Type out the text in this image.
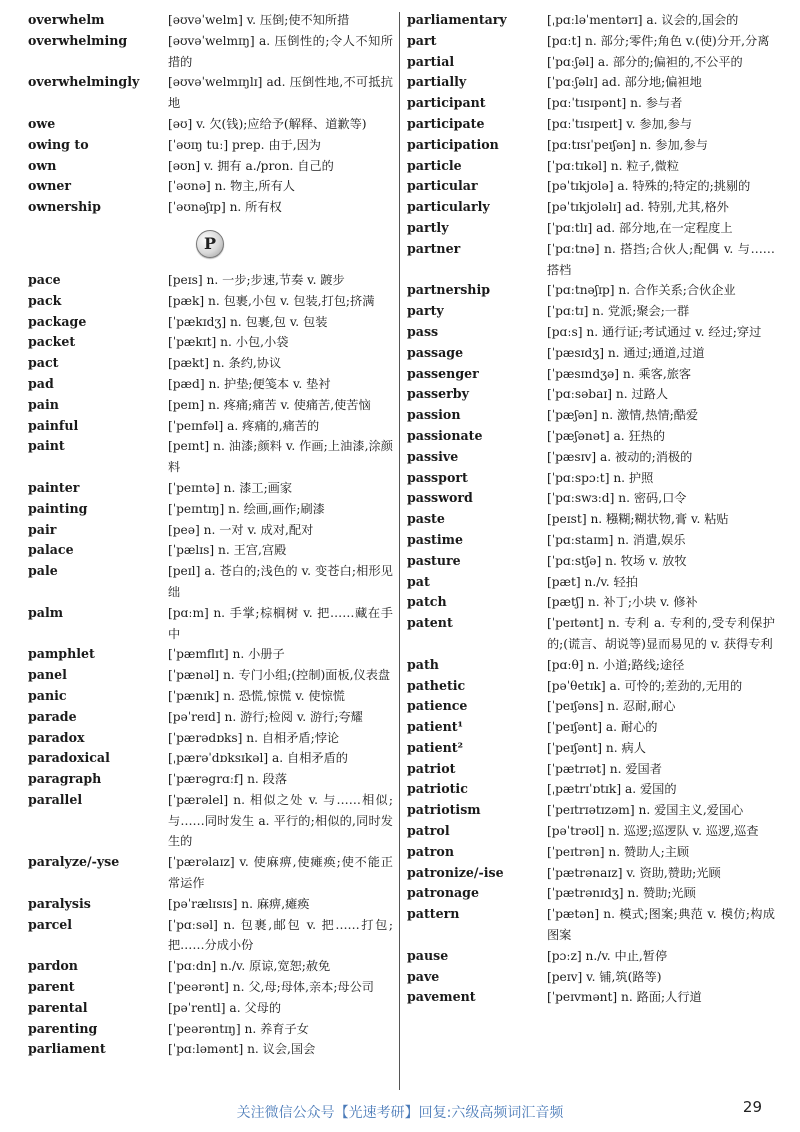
overwhelm	[əʊvəˈwelm] v. 压倒;使不知所措
overwhelming	[əʊvəˈwelmɪŋ] a. 压倒性的;令人不知所措的
overwhelmingly	[əʊvəˈwelmɪŋlɪ] ad. 压倒性地,不可抵抗地
owe	[əʊ] v. 欠(钱);应给予(解释、道歉等)
owing to	[ˈəʊɪŋ tuː] prep. 由于,因为
own	[əʊn] v. 拥有 a./pron. 自己的
owner	[ˈəʊnə] n. 物主,所有人
ownership	[ˈəʊnəʃɪp] n. 所有权
P
pace	[peɪs] n. 一步;步速,节奏 v. 踱步
pack	[pæk] n. 包裹,小包 v. 包装,打包;挤满
package	[ˈpækɪdʒ] n. 包裹,包 v. 包装
packet	[ˈpækɪt] n. 小包,小袋
pact	[pækt] n. 条约,协议
pad	[pæd] n. 护垫;便笺本 v. 垫衬
pain	[peɪn] n. 疼痛;痛苦 v. 使痛苦,使苦恼
painful	[ˈpeɪnfəl] a. 疼痛的,痛苦的
paint	[peɪnt] n. 油漆;颜料 v. 作画;上油漆,涂颜料
painter	[ˈpeɪntə] n. 漆工;画家
painting	[ˈpeɪntɪŋ] n. 绘画,画作;刷漆
pair	[peə] n. 一对 v. 成对,配对
palace	[ˈpælɪs] n. 王宫,宫殿
pale	[peɪl] a. 苍白的;浅色的 v. 变苍白;相形见绌
palm	[pɑːm] n. 手掌;棕榈树 v. 把……藏在手中
pamphlet	[ˈpæmflɪt] n. 小册子
panel	[ˈpænəl] n. 专门小组;(控制)面板,仪表盘
panic	[ˈpænɪk] n. 恐慌,惊慌 v. 使惊慌
parade	[pəˈreɪd] n. 游行;检阅 v. 游行;夸耀
paradox	[ˈpærədɒks] n. 自相矛盾;悖论
paradoxical	[ˌpærəˈdɒksɪkəl] a. 自相矛盾的
paragraph	[ˈpærəgrɑːf] n. 段落
parallel	[ˈpærəlel] n. 相似之处 v. 与……相似;与……同时发生 a. 平行的;相似的,同时发生的
paralyze/-yse	[ˈpærəlaɪz] v. 使麻痹,使瘫痪;使不能正常运作
paralysis	[pəˈrælɪsɪs] n. 麻痹,瘫痪
parcel	[ˈpɑːsəl] n. 包裹,邮包 v. 把……打包;把……分成小份
pardon	[ˈpɑːdn] n./v. 原谅,宽恕;赦免
parent	[ˈpeərənt] n. 父,母;母体,亲本;母公司
parental	[pəˈrentl] a. 父母的
parenting	[ˈpeərəntɪŋ] n. 养育子女
parliament	[ˈpɑːləmənt] n. 议会,国会
parliamentary	[ˌpɑːləˈmentərɪ] a. 议会的,国会的
part	[pɑːt] n. 部分;零件;角色 v.(使)分开,分离
partial	[ˈpɑːʃəl] a. 部分的;偏袒的,不公平的
partially	[ˈpɑːʃəlɪ] ad. 部分地;偏袒地
participant	[pɑːˈtɪsɪpənt] n. 参与者
participate	[pɑːˈtɪsɪpeɪt] v. 参加,参与
participation	[pɑːtɪsɪˈpeɪʃən] n. 参加,参与
particle	[ˈpɑːtɪkəl] n. 粒子,微粒
particular	[pəˈtɪkjʊlə] a. 特殊的;特定的;挑剔的
particularly	[pəˈtɪkjʊləlɪ] ad. 特别,尤其,格外
partly	[ˈpɑːtlɪ] ad. 部分地,在一定程度上
partner	[ˈpɑːtnə] n. 搭挡;合伙人;配偶 v. 与……搭档
partnership	[ˈpɑːtnəʃɪp] n. 合作关系;合伙企业
party	[ˈpɑːtɪ] n. 党派;聚会;一群
pass	[pɑːs] n. 通行证;考试通过 v. 经过;穿过
passage	[ˈpæsɪdʒ] n. 通过;通道,过道
passenger	[ˈpæsɪndʒə] n. 乘客,旅客
passerby	[ˈpɑːsəbaɪ] n. 过路人
passion	[ˈpæʃən] n. 激情,热情;酷爱
passionate	[ˈpæʃənət] a. 狂热的
passive	[ˈpæsɪv] a. 被动的;消极的
passport	[ˈpɑːspɔːt] n. 护照
password	[ˈpɑːswɜːd] n. 密码,口令
paste	[peɪst] n. 糨糊;糊状物,膏 v. 粘贴
pastime	[ˈpɑːstaɪm] n. 消遣,娱乐
pasture	[ˈpɑːstʃə] n. 牧场 v. 放牧
pat	[pæt] n./v. 轻拍
patch	[pætʃ] n. 补丁;小块 v. 修补
patent	[ˈpeɪtənt] n. 专利 a. 专利的,受专利保护的;(谎言、胡说等)显而易见的 v. 获得专利
path	[pɑːθ] n. 小道;路线;途径
pathetic	[pəˈθetɪk] a. 可怜的;差劲的,无用的
patience	[ˈpeɪʃəns] n. 忍耐,耐心
patient¹	[ˈpeɪʃənt] a. 耐心的
patient²	[ˈpeɪʃənt] n. 病人
patriot	[ˈpætrɪət] n. 爱国者
patriotic	[ˌpætrɪˈɒtɪk] a. 爱国的
patriotism	[ˈpeɪtrɪətɪzəm] n. 爱国主义,爱国心
patrol	[pəˈtrəʊl] n. 巡逻;巡逻队 v. 巡逻,巡查
patron	[ˈpeɪtrən] n. 赞助人;主顾
patronize/-ise	[ˈpætrənaɪz] v. 资助,赞助;光顾
patronage	[ˈpætrənɪdʒ] n. 赞助;光顾
pattern	[ˈpætən] n. 模式;图案;典范 v. 模仿;构成图案
pause	[pɔːz] n./v. 中止,暂停
pave	[peɪv] v. 铺,筑(路等)
pavement	[ˈpeɪvmənt] n. 路面;人行道
关注微信公众号【光速考研】回复:六级高频词汇音频	29
